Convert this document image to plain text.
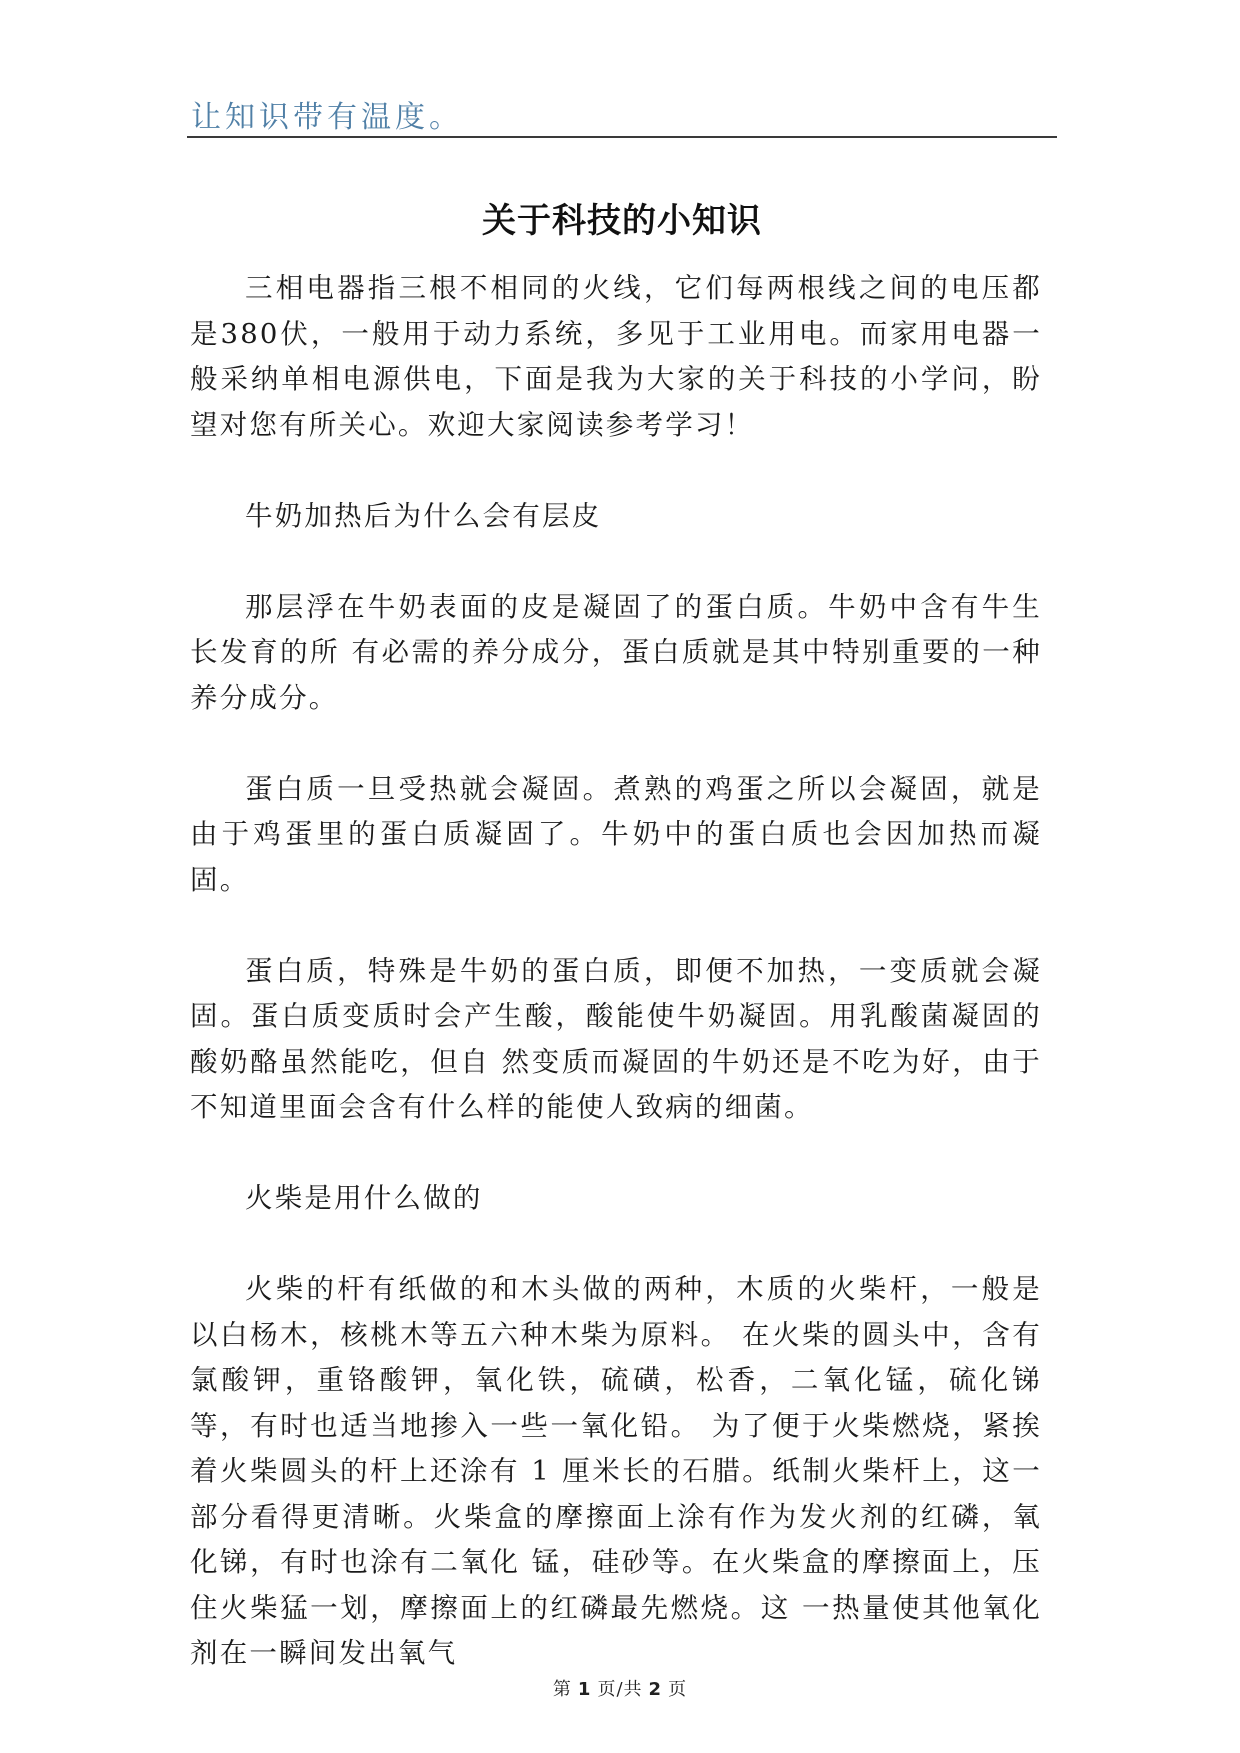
让知识带有温度。
关于科技的小知识

三相电器指三根不相同的火线，它们每两根线之间的电压都是380伏，一般用于动力系统，多见于工业用电。而家用电器一般采纳单相电源供电，下面是我为大家的关于科技的小学问，盼望对您有所关心。欢迎大家阅读参考学习！

牛奶加热后为什么会有层皮

那层浮在牛奶表面的皮是凝固了的蛋白质。牛奶中含有牛生长发育的所 有必需的养分成分，蛋白质就是其中特别重要的一种养分成分。

蛋白质一旦受热就会凝固。煮熟的鸡蛋之所以会凝固，就是由于鸡蛋里的蛋白质凝固了。牛奶中的蛋白质也会因加热而凝固。

蛋白质，特殊是牛奶的蛋白质，即便不加热，一变质就会凝固。蛋白质变质时会产生酸，酸能使牛奶凝固。用乳酸菌凝固的酸奶酪虽然能吃，但自 然变质而凝固的牛奶还是不吃为好，由于不知道里面会含有什么样的能使人致病的细菌。

火柴是用什么做的

火柴的杆有纸做的和木头做的两种，木质的火柴杆，一般是以白杨木，核桃木等五六种木柴为原料。 在火柴的圆头中，含有氯酸钾，重铬酸钾，氧化铁，硫磺，松香，二氧化锰，硫化锑等，有时也适当地掺入一些一氧化铅。 为了便于火柴燃烧，紧挨着火柴圆头的杆上还涂有 1 厘米长的石腊。纸制火柴杆上，这一部分看得更清晰。火柴盒的摩擦面上涂有作为发火剂的红磷，氧化锑，有时也涂有二氧化 锰，硅砂等。在火柴盒的摩擦面上，压住火柴猛一划，摩擦面上的红磷最先燃烧。这 一热量使其他氧化剂在一瞬间发出氧气

第 1 页/共 2 页
